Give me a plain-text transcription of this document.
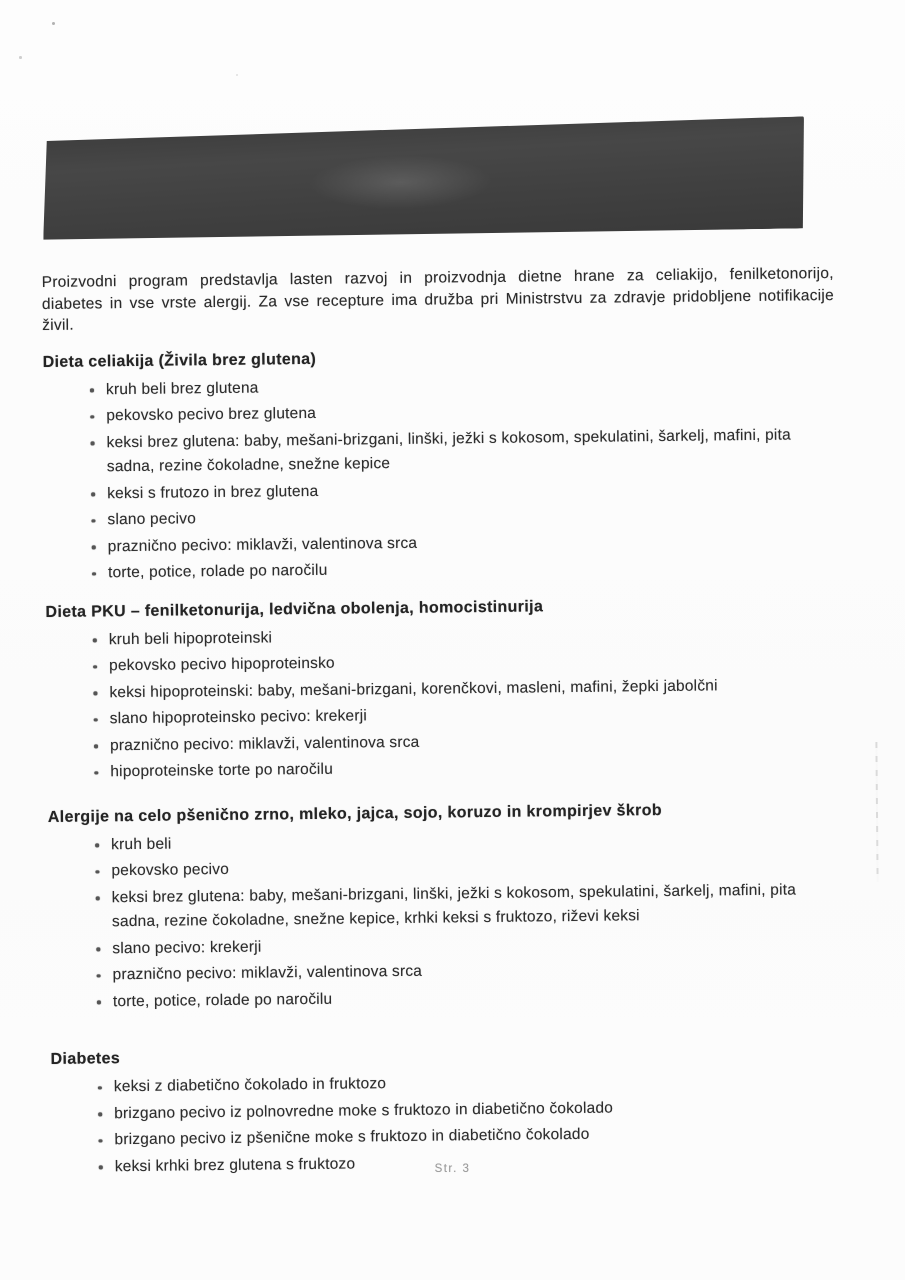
Proizvodni program predstavlja lasten razvoj in proizvodnja dietne hrane za celiakijo, fenilketonorijo, diabetes in vse vrste alergij. Za vse recepture ima družba pri Ministrstvu za zdravje pridobljene notifikacije živil.

Dieta celiakija (Živila brez glutena)
kruh beli brez glutena
pekovsko pecivo brez glutena
keksi brez glutena: baby, mešani-brizgani, linški, ježki s kokosom, spekulatini, šarkelj, mafini, pita sadna, rezine čokoladne, snežne kepice
keksi s frutozo in brez glutena
slano pecivo
praznično pecivo: miklavži, valentinova srca
torte, potice, rolade po naročilu
Dieta PKU – fenilketonurija, ledvična obolenja, homocistinurija
kruh beli hipoproteinski
pekovsko pecivo hipoproteinsko
keksi hipoproteinski: baby, mešani-brizgani, korenčkovi, masleni, mafini, žepki jabolčni
slano hipoproteinsko pecivo: krekerji
praznično pecivo: miklavži, valentinova srca
hipoproteinske torte po naročilu
Alergije na celo pšenično zrno, mleko, jajca, sojo, koruzo in krompirjev škrob
kruh beli
pekovsko pecivo
keksi brez glutena: baby, mešani-brizgani, linški, ježki s kokosom, spekulatini, šarkelj, mafini, pita sadna, rezine čokoladne, snežne kepice, krhki keksi s fruktozo, riževi keksi
slano pecivo: krekerji
praznično pecivo: miklavži, valentinova srca
torte, potice, rolade po naročilu
Diabetes
keksi z diabetično čokolado in fruktozo
brizgano pecivo iz polnovredne moke s fruktozo in diabetično čokolado
brizgano pecivo iz pšenične moke s fruktozo in diabetično čokolado
keksi krhki brez glutena s fruktozo	Str. 3
